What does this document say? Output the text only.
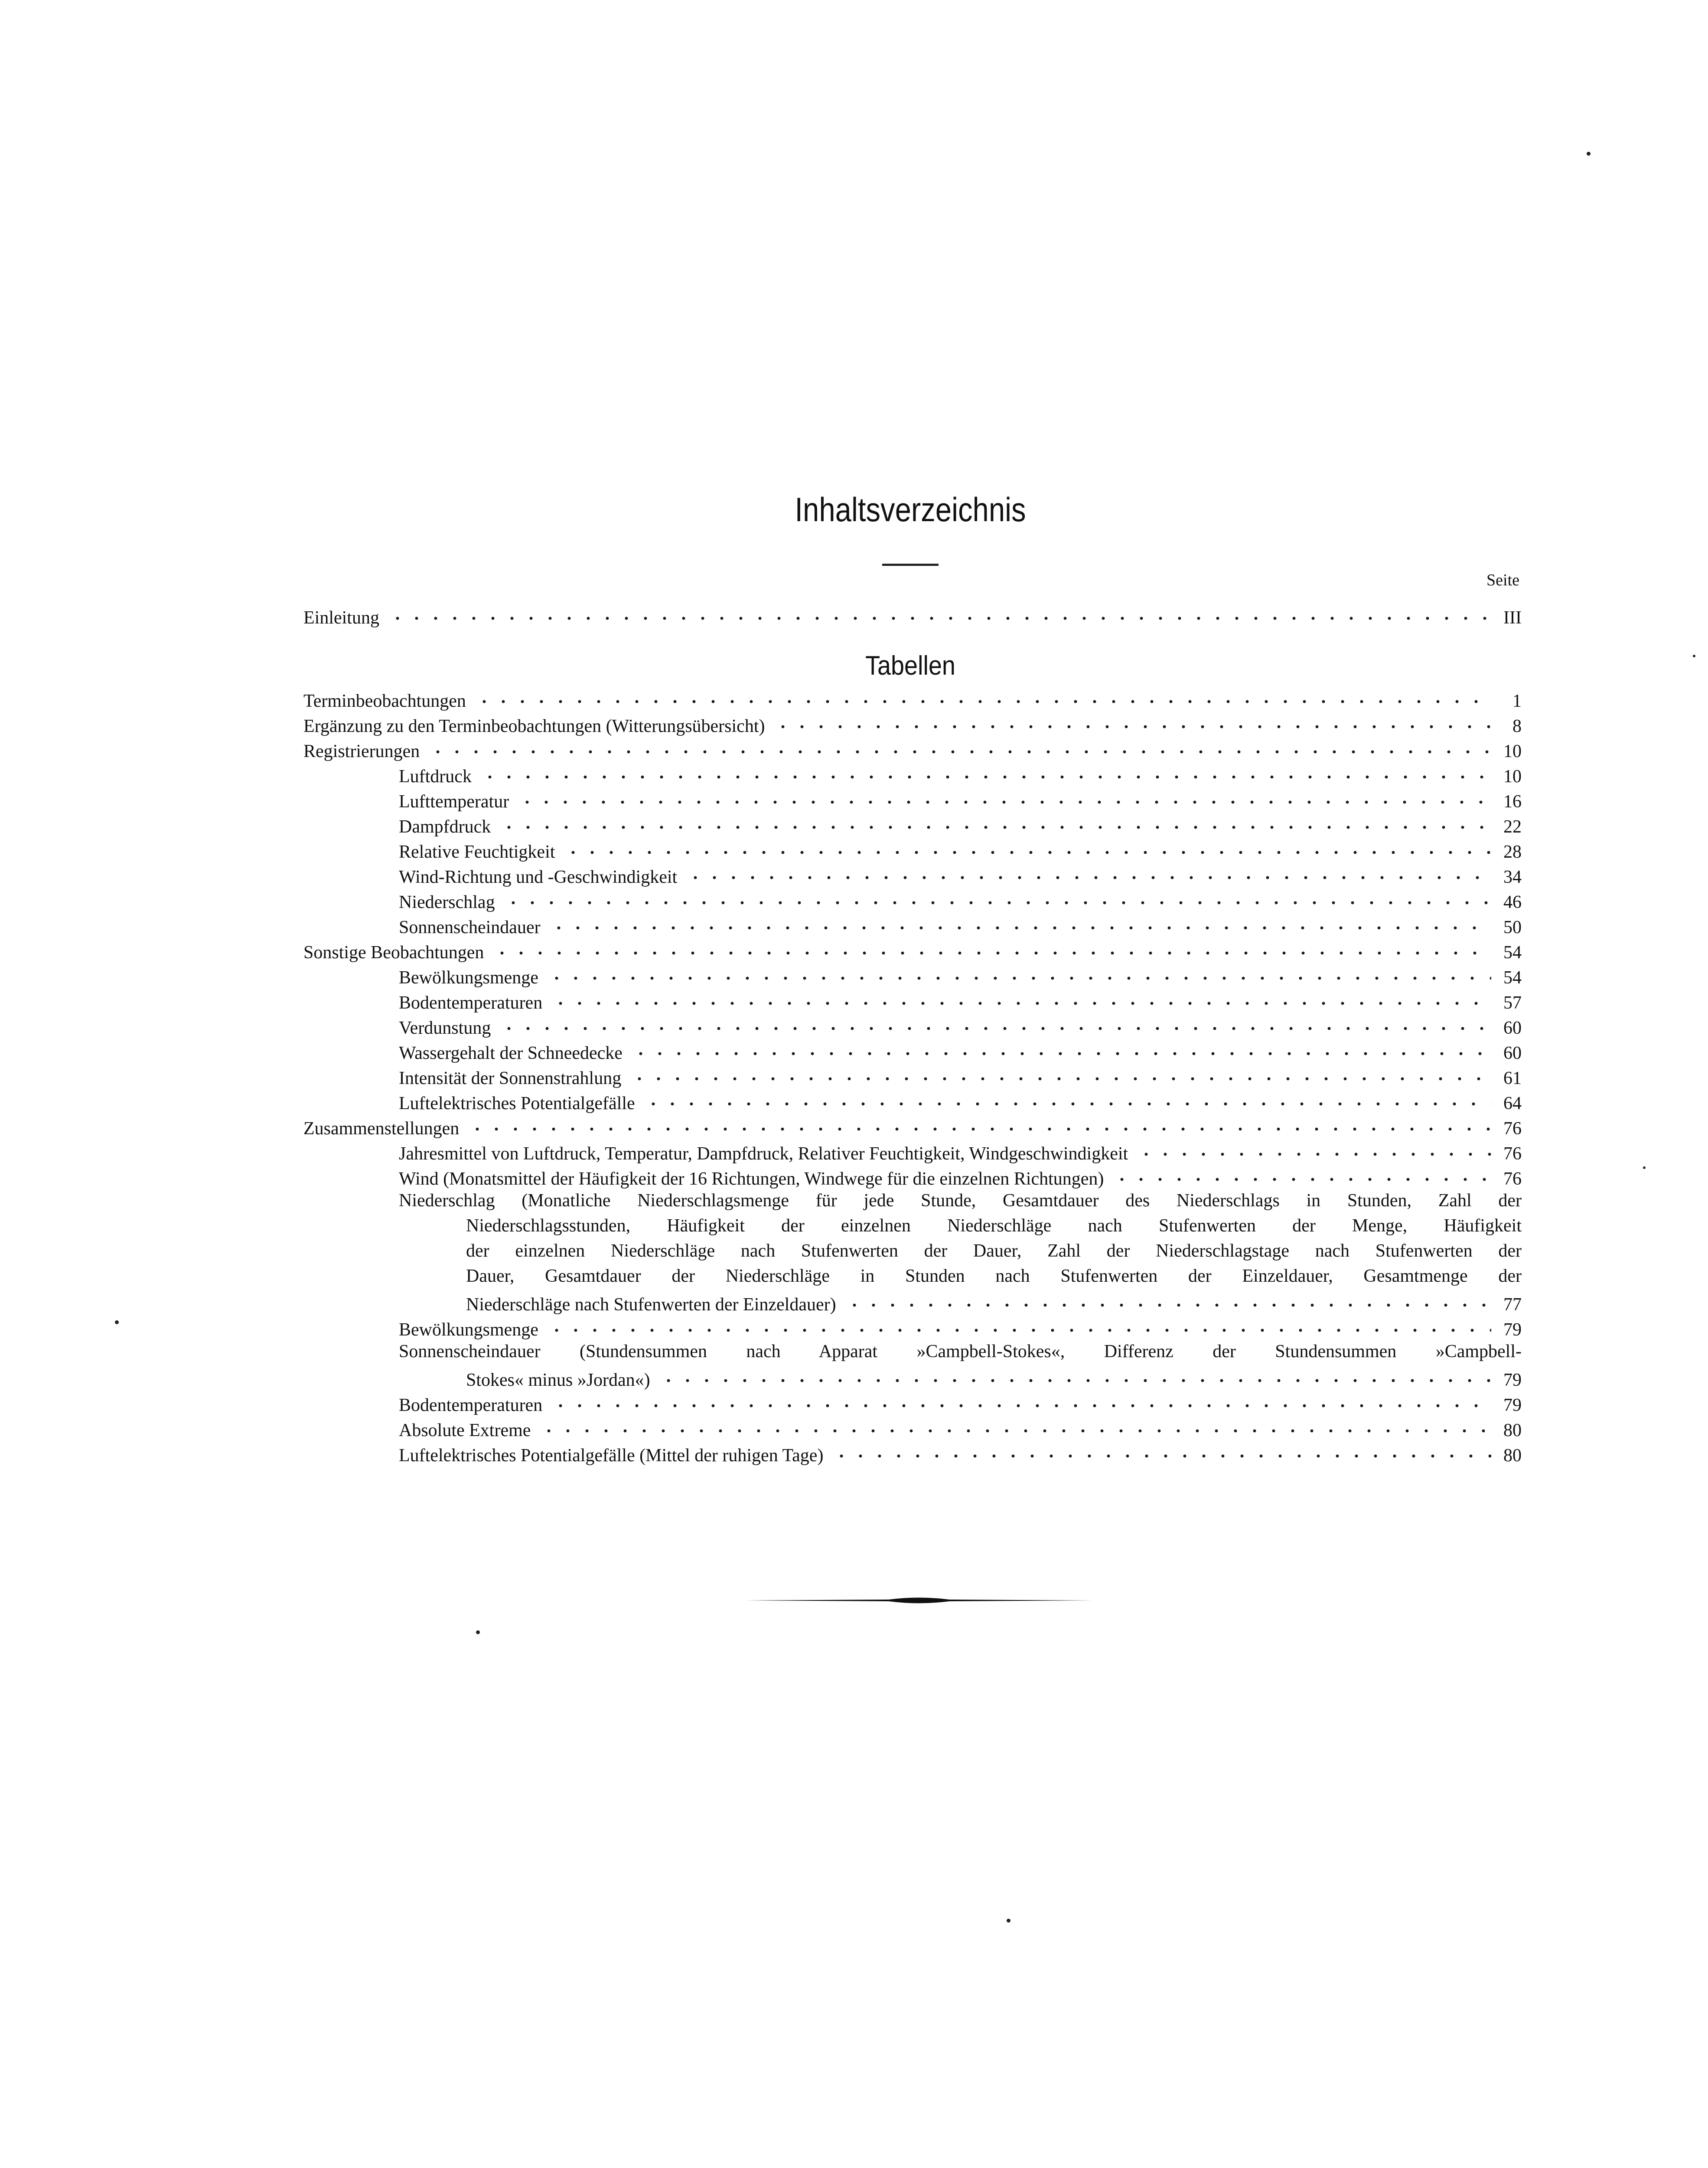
Inhaltsverzeichnis
Seite
Einleitung	III
Tabellen
Terminbeobachtungen	1
Ergänzung zu den Terminbeobachtungen (Witterungsübersicht)	8
Registrierungen	10
Luftdruck	10
Lufttemperatur	16
Dampfdruck	22
Relative Feuchtigkeit	28
Wind-Richtung und -Geschwindigkeit	34
Niederschlag	46
Sonnenscheindauer	50
Sonstige Beobachtungen	54
Bewölkungsmenge	54
Bodentemperaturen	57
Verdunstung	60
Wassergehalt der Schneedecke	60
Intensität der Sonnenstrahlung	61
Luftelektrisches Potentialgefälle	64
Zusammenstellungen	76
Jahresmittel von Luftdruck, Temperatur, Dampfdruck, Relativer Feuchtigkeit, Windgeschwindigkeit	76
Wind (Monatsmittel der Häufigkeit der 16 Richtungen, Windwege für die einzelnen Richtungen)	76
Niederschlag (Monatliche Niederschlagsmenge für jede Stunde, Gesamtdauer des Niederschlags in Stunden, Zahl der
Niederschlagsstunden, Häufigkeit der einzelnen Niederschläge nach Stufenwerten der Menge, Häufigkeit
der einzelnen Niederschläge nach Stufenwerten der Dauer, Zahl der Niederschlagstage nach Stufenwerten der
Dauer, Gesamtdauer der Niederschläge in Stunden nach Stufenwerten der Einzeldauer, Gesamtmenge der
Niederschläge nach Stufenwerten der Einzeldauer)	77
Bewölkungsmenge	79
Sonnenscheindauer (Stundensummen nach Apparat »Campbell-Stokes«, Differenz der Stundensummen »Campbell-
Stokes« minus »Jordan«)	79
Bodentemperaturen	79
Absolute Extreme	80
Luftelektrisches Potentialgefälle (Mittel der ruhigen Tage)	80
